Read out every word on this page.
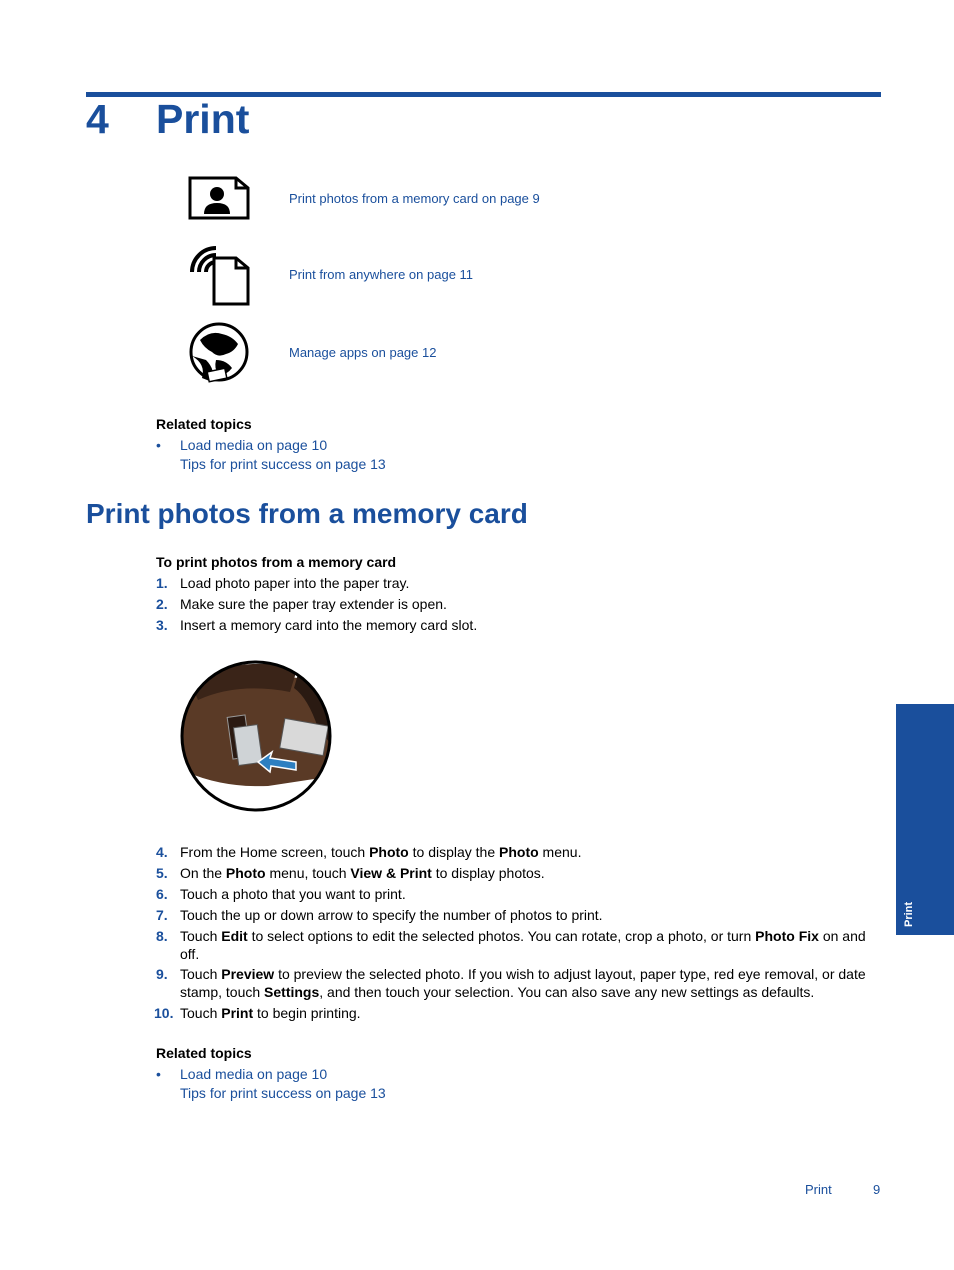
4 Print
Print photos from a memory card on page 9
Print from anywhere on page 11
Manage apps on page 12
Related topics
• Load media on page 10
Tips for print success on page 13
Print photos from a memory card
To print photos from a memory card
1. Load photo paper into the paper tray.
2. Make sure the paper tray extender is open.
3. Insert a memory card into the memory card slot.
4. From the Home screen, touch Photo to display the Photo menu.
5. On the Photo menu, touch View & Print to display photos.
6. Touch a photo that you want to print.
7. Touch the up or down arrow to specify the number of photos to print.
8. Touch Edit to select options to edit the selected photos. You can rotate, crop a photo, or turn Photo Fix on and off.
9. Touch Preview to preview the selected photo. If you wish to adjust layout, paper type, red eye removal, or date stamp, touch Settings, and then touch your selection. You can also save any new settings as defaults.
10. Touch Print to begin printing.
Related topics
• Load media on page 10
Tips for print success on page 13
Print
Print	9
